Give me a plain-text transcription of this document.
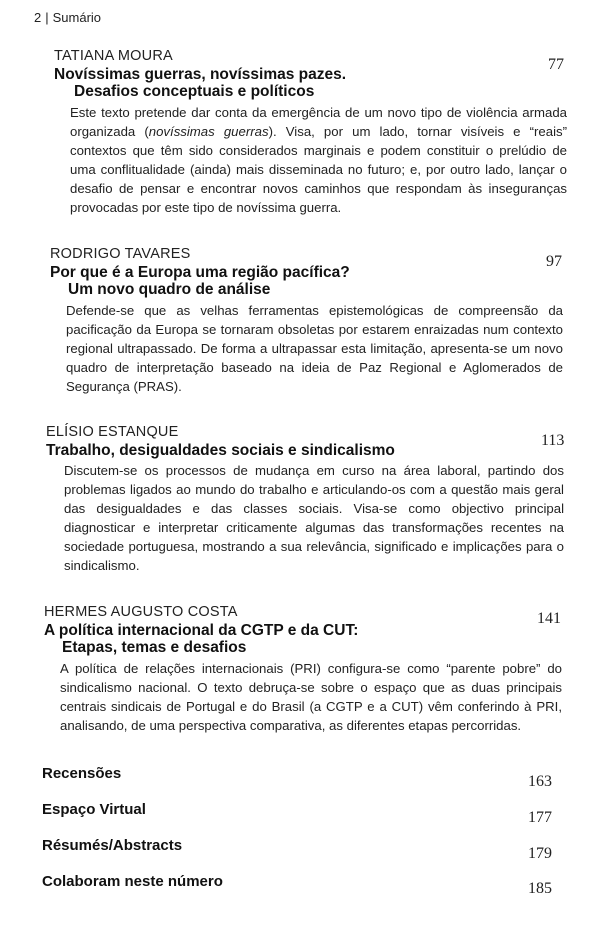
2 | Sumário
TATIANA MOURA
Novíssimas guerras, novíssimas pazes.
Desafios conceptuais e políticos
77

Este texto pretende dar conta da emergência de um novo tipo de violência armada organizada (novíssimas guerras). Visa, por um lado, tornar visíveis e “reais” contextos que têm sido considerados marginais e podem constituir o prelúdio de uma conflitualidade (ainda) mais disseminada no futuro; e, por outro lado, lançar o desafio de pensar e encontrar novos caminhos que respondam às inseguranças provocadas por este tipo de novíssima guerra.

RODRIGO TAVARES
Por que é a Europa uma região pacífica?
Um novo quadro de análise
97

Defende-se que as velhas ferramentas epistemológicas de compreensão da pacificação da Europa se tornaram obsoletas por estarem enraizadas num contexto regional ultrapassado. De forma a ultrapassar esta limitação, apresenta-se um novo quadro de interpretação baseado na ideia de Paz Regional e Aglomerados de Segurança (PRAS).

ELÍSIO ESTANQUE
Trabalho, desigualdades sociais e sindicalismo
113

Discutem-se os processos de mudança em curso na área laboral, partindo dos problemas ligados ao mundo do trabalho e articulando-os com a questão mais geral das desigualdades e das classes sociais. Visa-se como objectivo principal diagnosticar e interpretar criticamente algumas das transformações recentes na sociedade portuguesa, mostrando a sua relevância, significado e implicações para o sindicalismo.

HERMES AUGUSTO COSTA
A política internacional da CGTP e da CUT:
Etapas, temas e desafios
141

A política de relações internacionais (PRI) configura-se como “parente pobre” do sindicalismo nacional. O texto debruça-se sobre o espaço que as duas principais centrais sindicais de Portugal e do Brasil (a CGTP e a CUT) vêm conferindo à PRI, analisando, de uma perspectiva comparativa, as diferentes etapas percorridas.

Recensões	163
Espaço Virtual	177
Résumés/Abstracts	179
Colaboram neste número	185
